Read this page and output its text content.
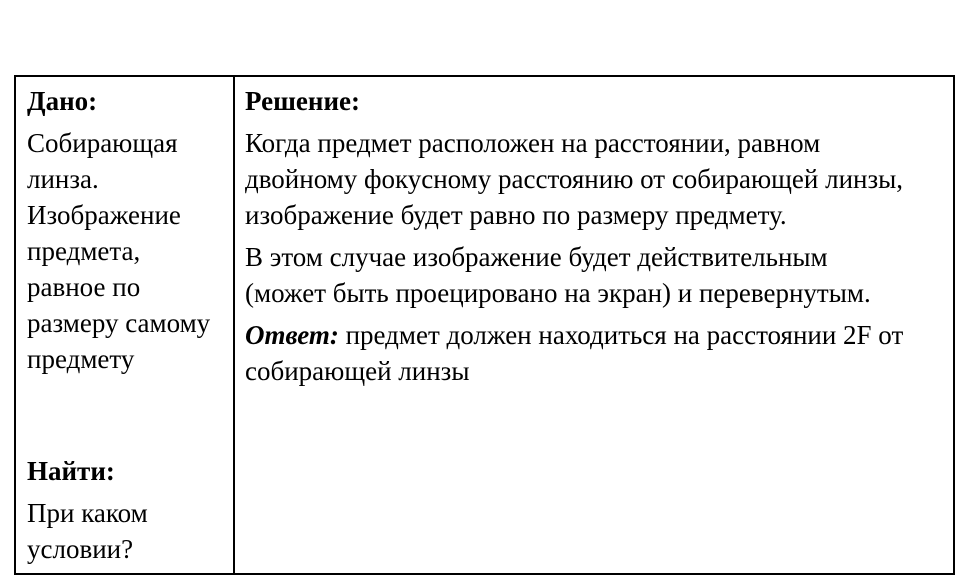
Дано:

Собирающая линза. Изображение предмета, равное по размеру самому предмету

Найти:

При каком условии?

Решение:

Когда предмет расположен на расстоянии, равном двойному фокусному расстоянию от собирающей линзы, изображение будет равно по размеру предмету.

В этом случае изображение будет действительным (может быть проецировано на экран) и перевернутым.

Ответ: предмет должен находиться на расстоянии 2F от собирающей линзы
